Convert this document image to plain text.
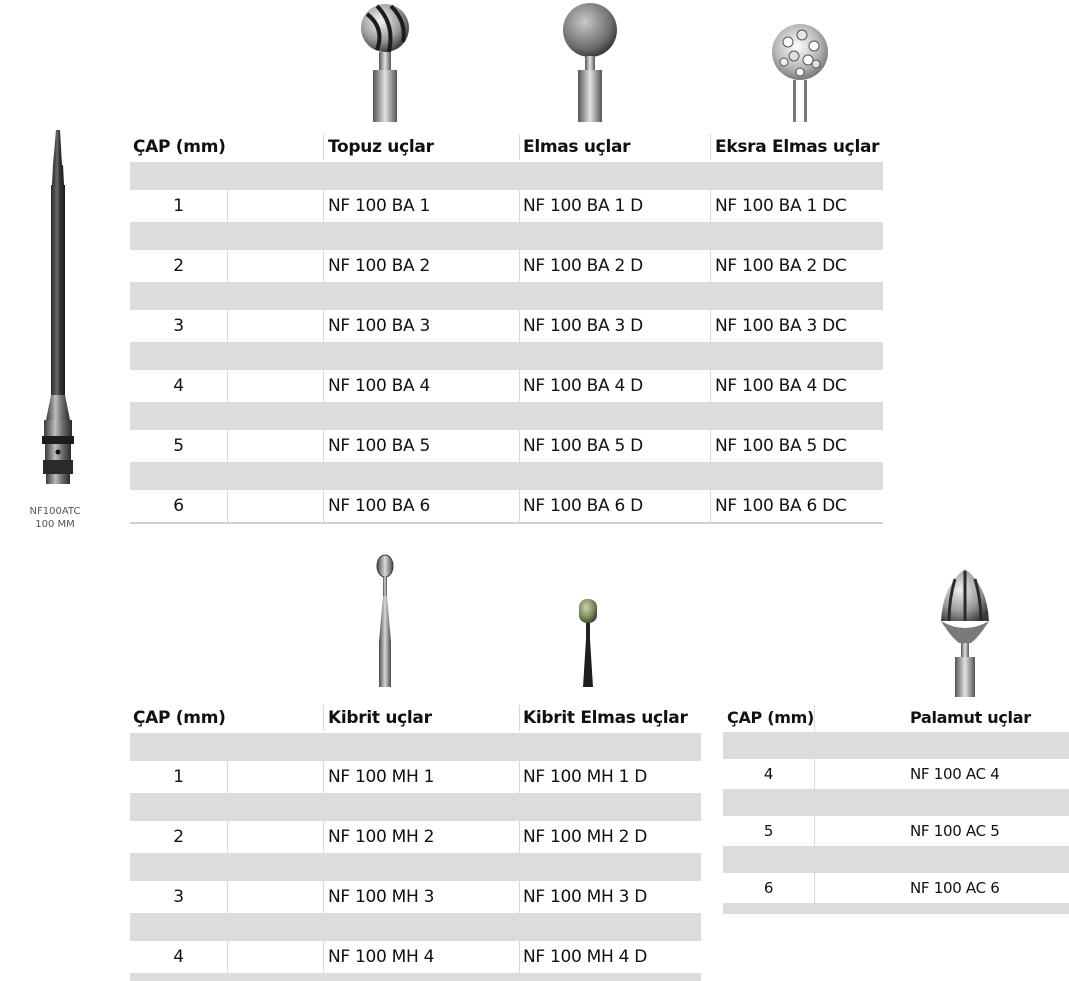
NF100ATC
100 MM
ÇAP (mm)	Topuz uçlar	Elmas uçlar	Eksra Elmas uçlar
1	NF 100 BA 1	NF 100 BA 1 D	NF 100 BA 1 DC
2	NF 100 BA 2	NF 100 BA 2 D	NF 100 BA 2 DC
3	NF 100 BA 3	NF 100 BA 3 D	NF 100 BA 3 DC
4	NF 100 BA 4	NF 100 BA 4 D	NF 100 BA 4 DC
5	NF 100 BA 5	NF 100 BA 5 D	NF 100 BA 5 DC
6	NF 100 BA 6	NF 100 BA 6 D	NF 100 BA 6 DC
ÇAP (mm)	Kibrit uçlar	Kibrit Elmas uçlar
1	NF 100 MH 1	NF 100 MH 1 D
2	NF 100 MH 2	NF 100 MH 2 D
3	NF 100 MH 3	NF 100 MH 3 D
4	NF 100 MH 4	NF 100 MH 4 D
ÇAP (mm)	Palamut uçlar
4	NF 100 AC 4
5	NF 100 AC 5
6	NF 100 AC 6
